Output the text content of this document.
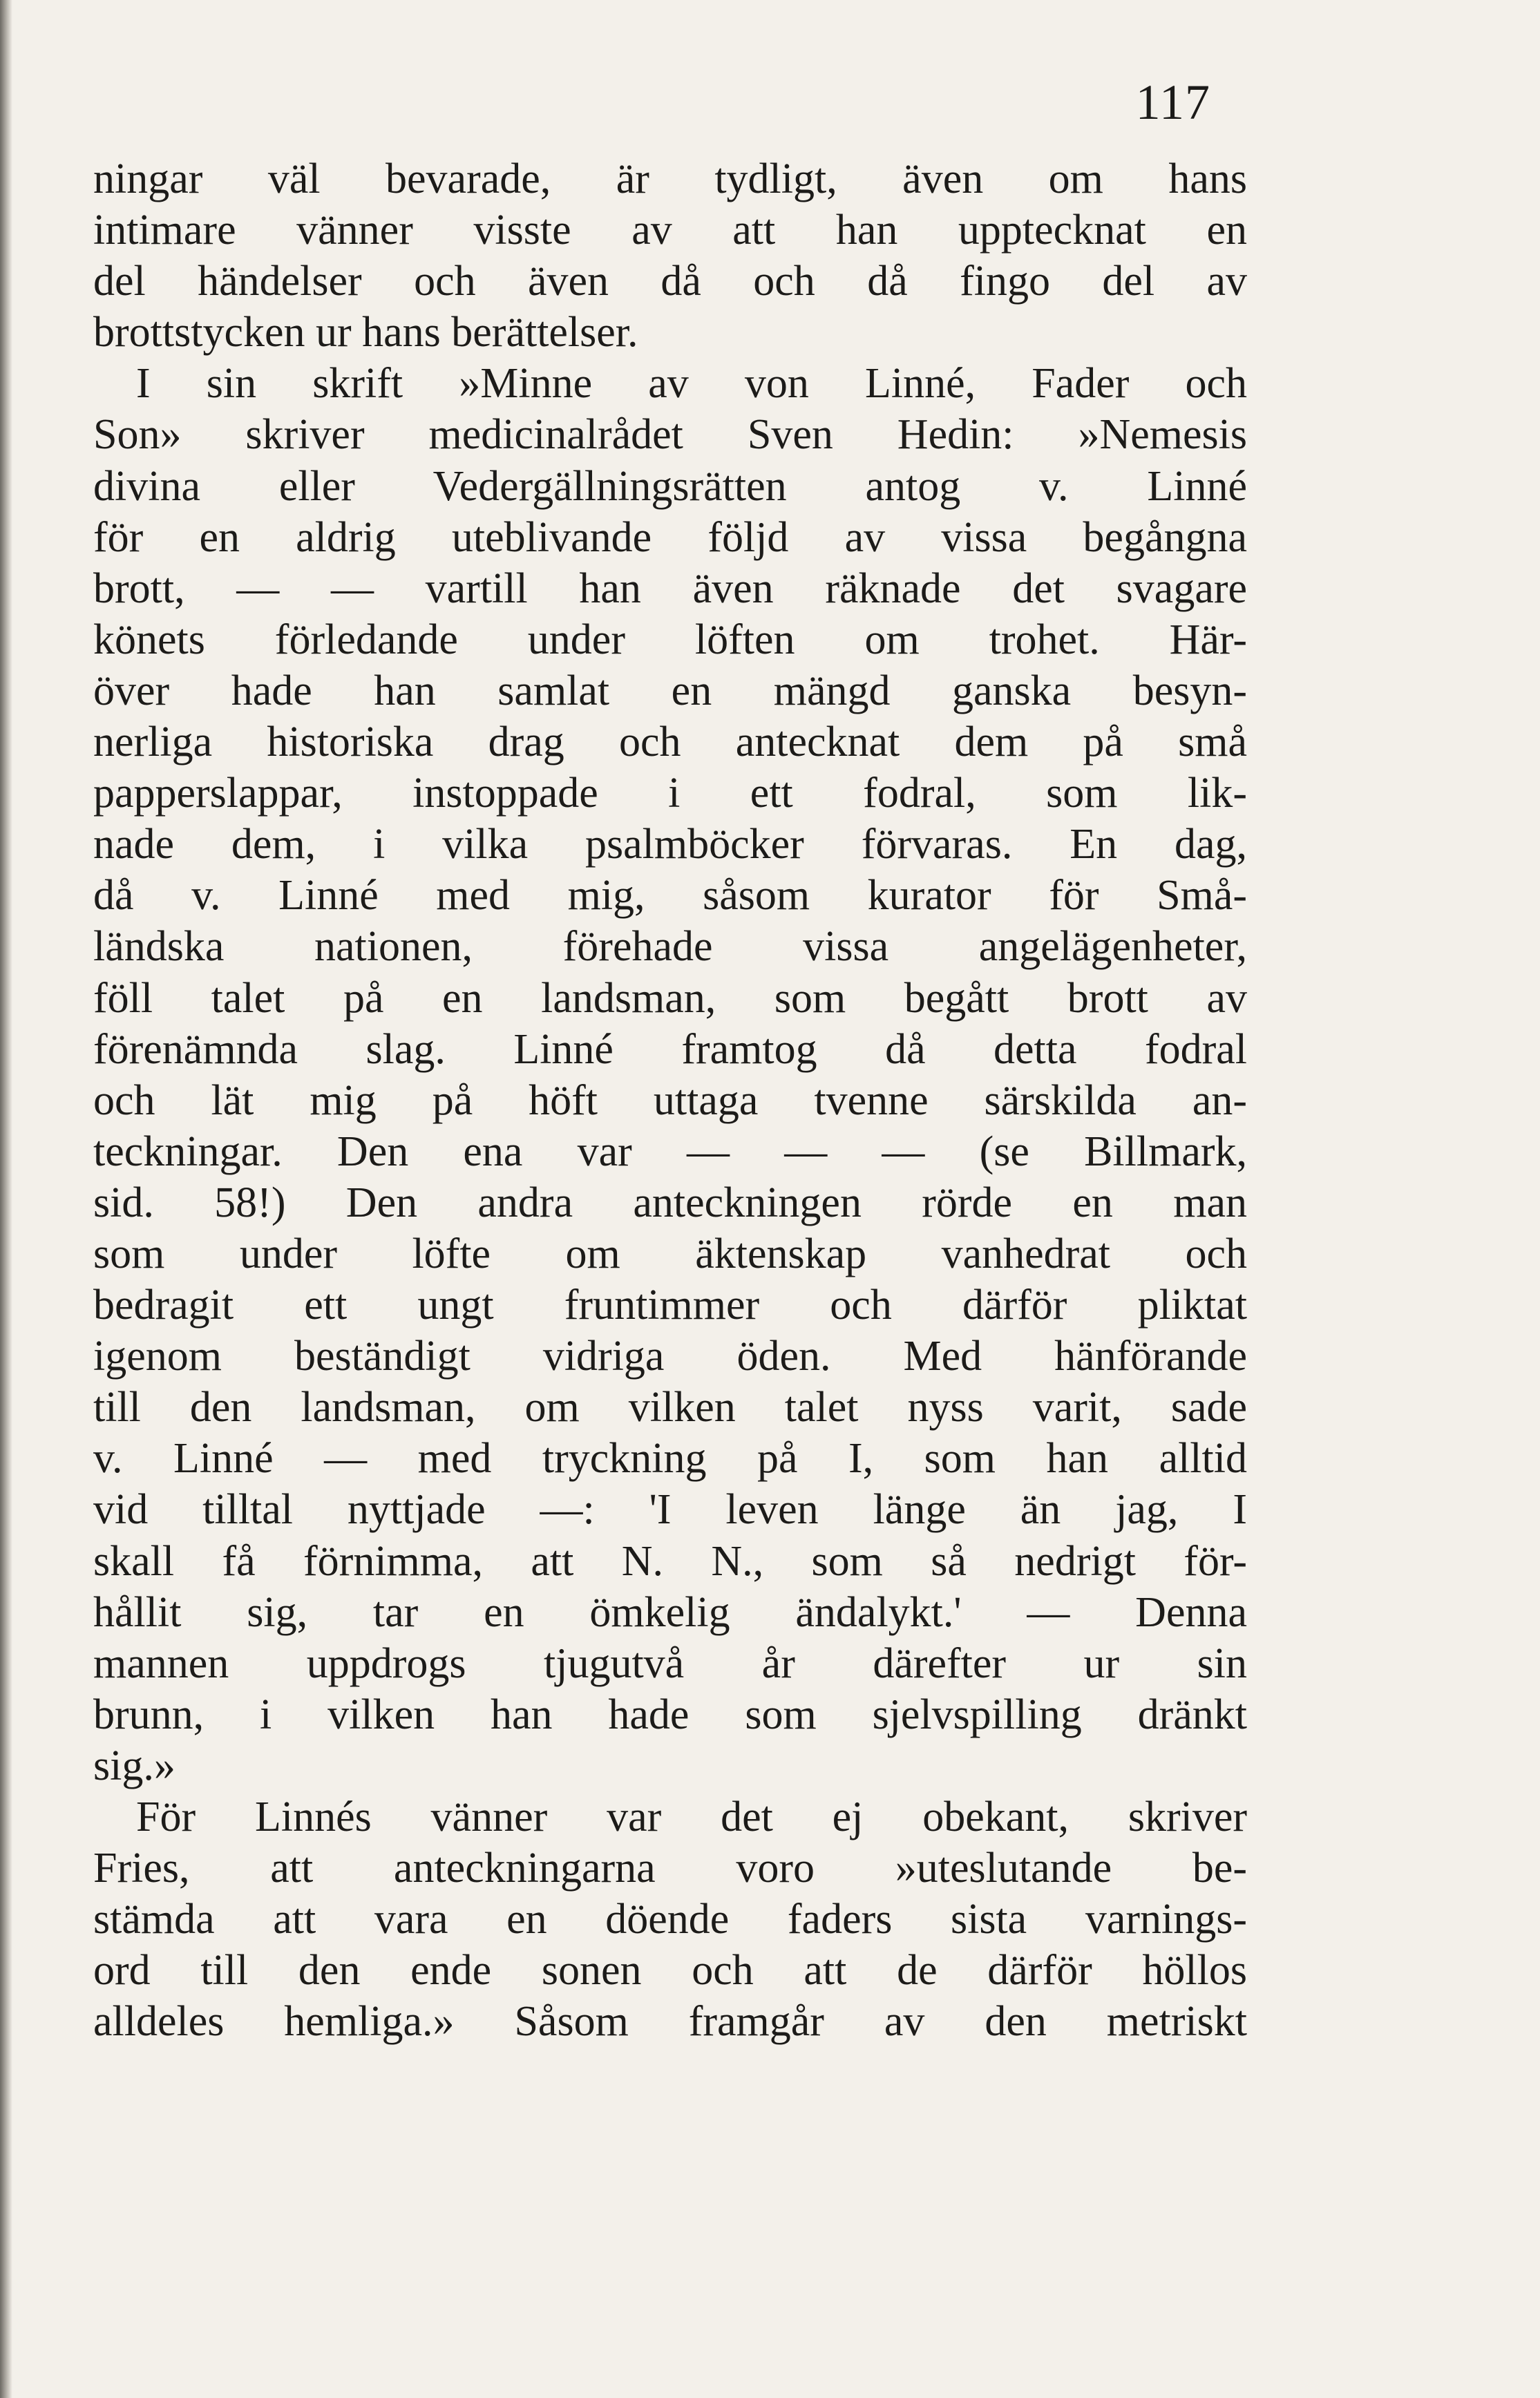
117
ningar väl bevarade, är tydligt, även om hans
intimare vänner visste av att han upptecknat en
del händelser och även då och då fingo del av
brottstycken ur hans berättelser.
I sin skrift »Minne av von Linné, Fader och
Son» skriver medicinalrådet Sven Hedin: »Nemesis
divina eller Vedergällningsrätten antog v. Linné
för en aldrig uteblivande följd av vissa begångna
brott, — — vartill han även räknade det svagare
könets förledande under löften om trohet. Här-
över hade han samlat en mängd ganska besyn-
nerliga historiska drag och antecknat dem på små
papperslappar, instoppade i ett fodral, som lik-
nade dem, i vilka psalmböcker förvaras. En dag,
då v. Linné med mig, såsom kurator för Små-
ländska nationen, förehade vissa angelägenheter,
föll talet på en landsman, som begått brott av
förenämnda slag. Linné framtog då detta fodral
och lät mig på höft uttaga tvenne särskilda an-
teckningar. Den ena var — — — (se Billmark,
sid. 58!) Den andra anteckningen rörde en man
som under löfte om äktenskap vanhedrat och
bedragit ett ungt fruntimmer och därför pliktat
igenom beständigt vidriga öden. Med hänförande
till den landsman, om vilken talet nyss varit, sade
v. Linné — med tryckning på I, som han alltid
vid tilltal nyttjade —: 'I leven länge än jag, I
skall få förnimma, att N. N., som så nedrigt för-
hållit sig, tar en ömkelig ändalykt.' — Denna
mannen uppdrogs tjugutvå år därefter ur sin
brunn, i vilken han hade som sjelvspilling dränkt
sig.»
För Linnés vänner var det ej obekant, skriver
Fries, att anteckningarna voro »uteslutande be-
stämda att vara en döende faders sista varnings-
ord till den ende sonen och att de därför höllos
alldeles hemliga.» Såsom framgår av den metriskt
